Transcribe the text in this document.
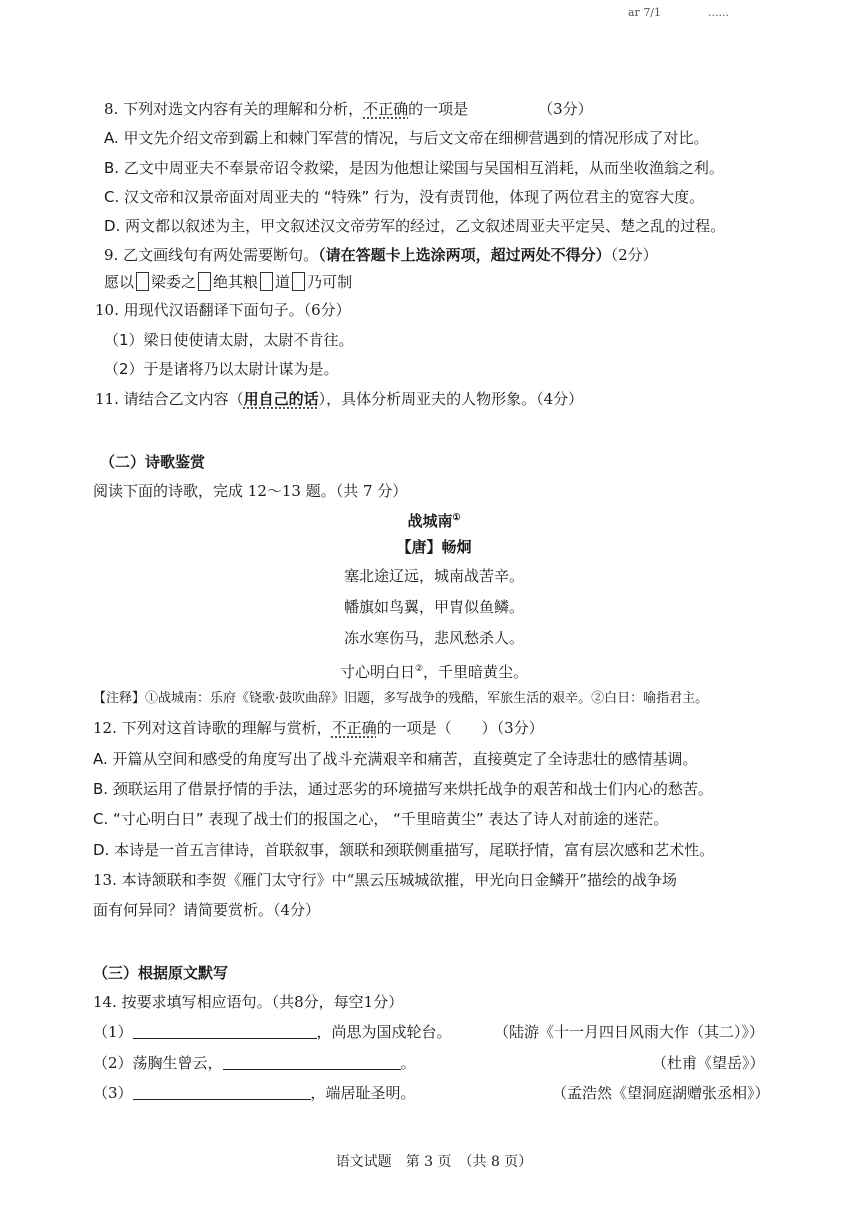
ar 7/1	......
8. 下列对选文内容有关的理解和分析，不正确的一项是	（3分）
A. 甲文先介绍文帝到霸上和棘门军营的情况，与后文文帝在细柳营遇到的情况形成了对比。
B. 乙文中周亚夫不奉景帝诏令救梁，是因为他想让梁国与吴国相互消耗，从而坐收渔翁之利。
C. 汉文帝和汉景帝面对周亚夫的 “特殊” 行为，没有责罚他，体现了两位君主的宽容大度。
D. 两文都以叙述为主，甲文叙述汉文帝劳军的经过，乙文叙述周亚夫平定吴、楚之乱的过程。
9. 乙文画线句有两处需要断句。（请在答题卡上选涂两项，超过两处不得分）（2分）
愿以 梁委之 绝其粮 道 乃可制
10. 用现代汉语翻译下面句子。（6分）
（1）梁日使使请太尉，太尉不肯往。
（2）于是诸将乃以太尉计谋为是。
11. 请结合乙文内容（用自己的话），具体分析周亚夫的人物形象。（4分）
（二）诗歌鉴赏
阅读下面的诗歌，完成 12～13 题。（共 7 分）
战城南①
【唐】畅炯
塞北途辽远，城南战苦辛。
幡旗如鸟翼，甲胄似鱼鳞。
冻水寒伤马，悲风愁杀人。
寸心明白日②，千里暗黄尘。
【注释】①战城南：乐府《铙歌·鼓吹曲辞》旧题，多写战争的残酷，军旅生活的艰辛。②白日：喻指君主。
12. 下列对这首诗歌的理解与赏析，不正确的一项是（　　）（3分）
A. 开篇从空间和感受的角度写出了战斗充满艰辛和痛苦，直接奠定了全诗悲壮的感情基调。
B. 颈联运用了借景抒情的手法，通过恶劣的环境描写来烘托战争的艰苦和战士们内心的愁苦。
C. “寸心明白日” 表现了战士们的报国之心， “千里暗黄尘” 表达了诗人对前途的迷茫。
D. 本诗是一首五言律诗，首联叙事，颔联和颈联侧重描写，尾联抒情，富有层次感和艺术性。
13. 本诗颔联和李贺《雁门太守行》中“黑云压城城欲摧，甲光向日金鳞开”描绘的战争场
面有何异同？请简要赏析。（4分）
（三）根据原文默写
14. 按要求填写相应语句。（共8分，每空1分）
（1）	，尚思为国戍轮台。	（陆游《十一月四日风雨大作（其二）》）
（2）荡胸生曾云，	。	（杜甫《望岳》）
（3）	，端居耻圣明。	（孟浩然《望洞庭湖赠张丞相》）
语文试题　第 3 页　（共 8 页）
